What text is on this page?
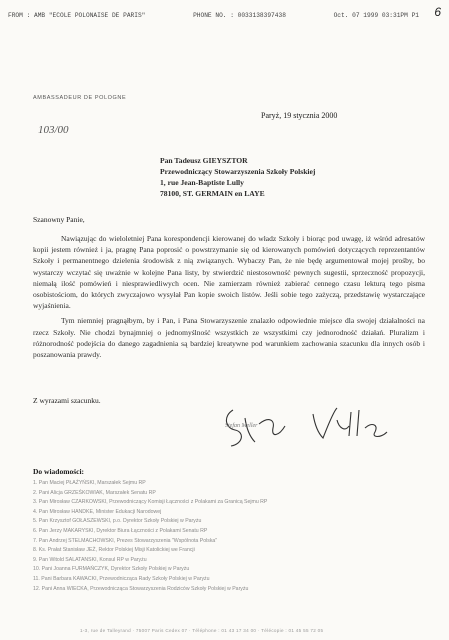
FROM : AMB "ECOLE POLONAISE DE PARIS"	PHONE NO. : 0033138397438	Oct. 07 1999 03:31PM P1 6
AMBASSADEUR DE POLOGNE
103/00
Paryż, 19 stycznia 2000
Pan Tadeusz GIEYSZTOR
Przewodniczący Stowarzyszenia Szkoły Polskiej
1, rue Jean-Baptiste Lully
78100, ST. GERMAIN en LAYE
Szanowny Panie,

Nawiązując do wieloletniej Pana korespondencji kierowanej do władz Szkoły i biorąc pod uwagę, iż wśród adresatów kopii jestem również i ja, pragnę Pana poprosić o powstrzymanie się od kierowanych pomówień dotyczących reprezentantów Szkoły i permanentnego dzielenia środowisk z nią związanych. Wybaczy Pan, że nie będę argumentował mojej prośby, bo wystarczy wczytać się uważnie w kolejne Pana listy, by stwierdzić niestosowność pewnych sugestii, sprzeczność propozycji, niemałą ilość pomówień i niesprawiedliwych ocen. Nie zamierzam również zabierać cennego czasu lekturą tego pisma osobistościom, do których zwyczajowo wysyłał Pan kopie swoich listów. Jeśli sobie tego zażyczą, przedstawię wystarczające wyjaśnienia.

Tym niemniej pragnąłbym, by i Pan, i Pana Stowarzyszenie znalazło odpowiednie miejsce dla swojej działalności na rzecz Szkoły. Nie chodzi bynajmniej o jednomyślność wszystkich ze wszystkimi czy jednorodność działań. Pluralizm i różnorodność podejścia do danego zagadnienia są bardziej kreatywne pod warunkiem zachowania szacunku dla innych osób i poszanowania prawdy.

Z wyrazami szacunku.
Stefan Meller
Do wiadomości:
1. Pan Maciej PŁAŻYŃSKI, Marszałek Sejmu RP
2. Pani Alicja GRZEŚKOWIAK, Marszałek Senatu RP
3. Pan Mirosław CZARKOWSKI, Przewodniczący Komisji Łączności z Polakami za Granicą Sejmu RP
4. Pan Mirosław HANDKE, Minister Edukacji Narodowej
5. Pan Krzysztof GOŁASZEWSKI, p.o. Dyrektor Szkoły Polskiej w Paryżu
6. Pan Jerzy MAKARYSKI, Dyrektor Biura Łączności z Polakami Senatu RP
7. Pan Andrzej STELMACHOWSKI, Prezes Stowarzyszenia "Wspólnota Polska"
8. Ks. Prałat Stanisław JEŻ, Rektor Polskiej Misji Katolickiej we Francji
9. Pan Witold SALATANSKI, Konsul RP w Paryżu
10. Pani Joanna FURMAŃCZYK, Dyrektor Szkoły Polskiej w Paryżu
11. Pani Barbara KAWACKI, Przewodnicząca Rady Szkoły Polskiej w Paryżu
12. Pani Anna WIECKA, Przewodnicząca Stowarzyszenia Rodziców Szkoły Polskiej w Paryżu
1-3, rue de Talleyrand · 75007 Paris Cedex 07 · Téléphone : 01 43 17 34 00 · Télécopie : 01 45 55 72 05
